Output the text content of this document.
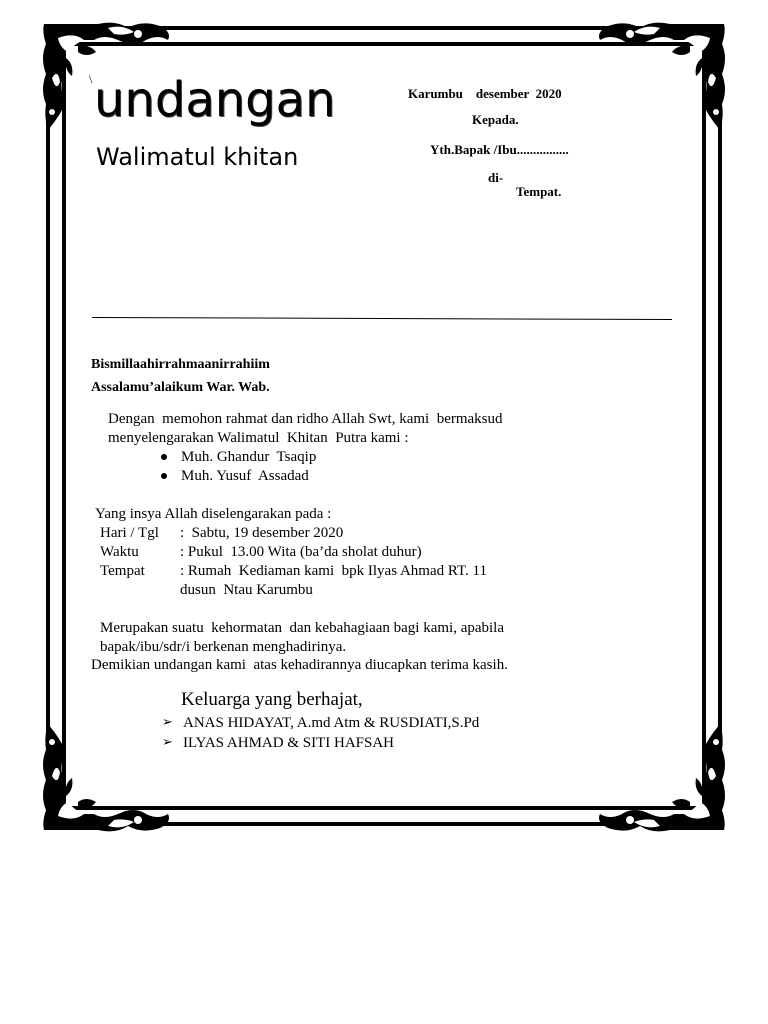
\ undangan
Walimatul khitan
Karumbu    desember  2020
Kepada.
Yth.Bapak /Ibu................
di-
Tempat.
Bismillaahirrahmaanirrahiim
Assalamu’alaikum War. Wab.
Dengan  memohon rahmat dan ridho Allah Swt, kami  bermaksud
menyelengarakan Walimatul  Khitan  Putra kami :
Muh. Ghandur  Tsaqip
Muh. Yusuf  Assadad
Yang insya Allah diselengarakan pada :
Hari / Tgl :  Sabtu, 19 desember 2020
Waktu	: Pukul  13.00 Wita (ba’da sholat duhur)
Tempat : Rumah  Kediaman kami  bpk Ilyas Ahmad RT. 11
dusun  Ntau Karumbu
Merupakan suatu  kehormatan  dan kebahagiaan bagi kami, apabila
bapak/ibu/sdr/i berkenan menghadirinya.
Demikian undangan kami  atas kehadirannya diucapkan terima kasih.
Keluarga yang berhajat,
➢ ANAS HIDAYAT, A.md Atm & RUSDIATI,S.Pd
➢ ILYAS AHMAD & SITI HAFSAH
